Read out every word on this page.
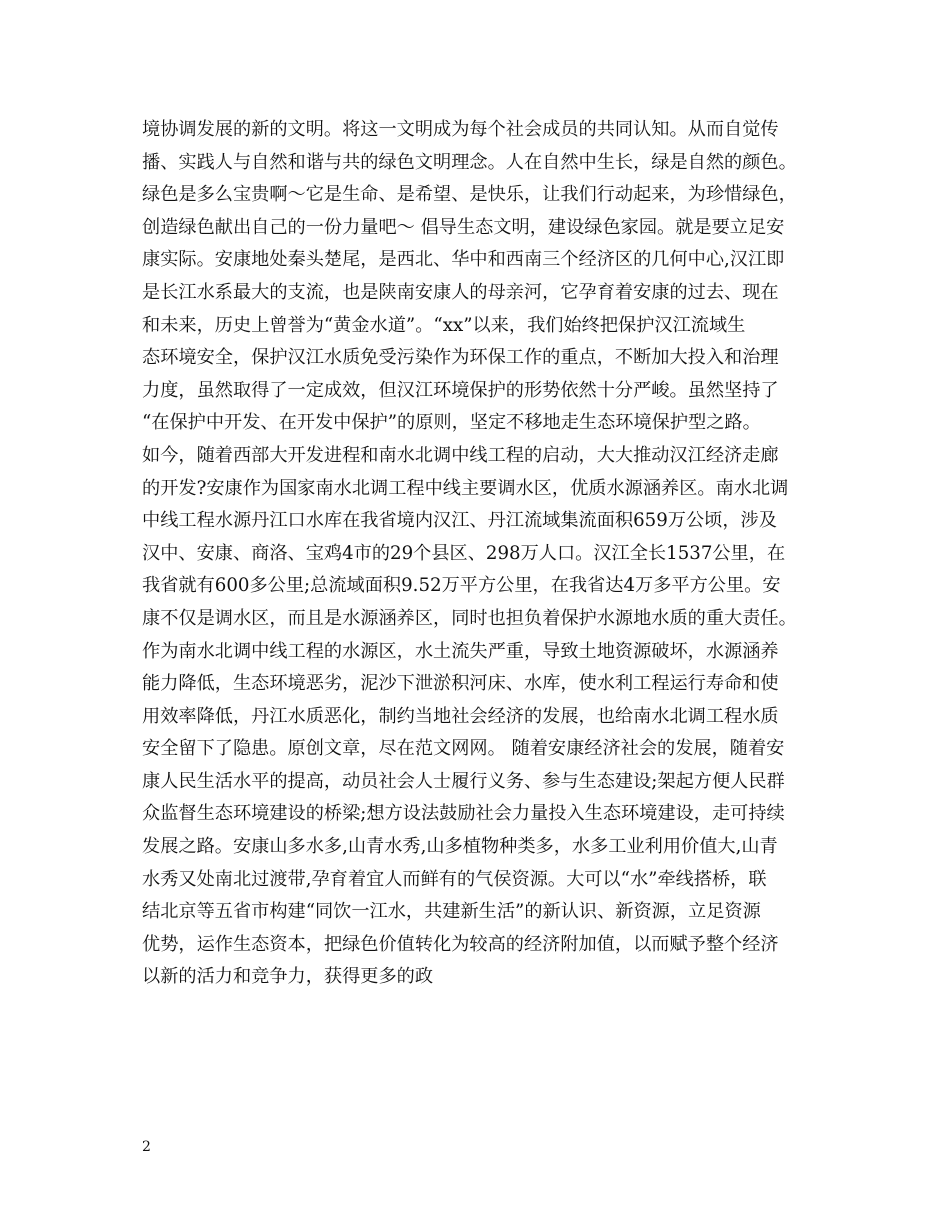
境协调发展的新的文明。将这一文明成为每个社会成员的共同认知。从而自觉传
播、实践人与自然和谐与共的绿色文明理念。人在自然中生长，绿是自然的颜色。
绿色是多么宝贵啊～它是生命、是希望、是快乐，让我们行动起来，为珍惜绿色，
创造绿色献出自己的一份力量吧～ 倡导生态文明，建设绿色家园。就是要立足安
康实际。安康地处秦头楚尾，是西北、华中和西南三个经济区的几何中心,汉江即
是长江水系最大的支流，也是陕南安康人的母亲河，它孕育着安康的过去、现在
和未来，历史上曾誉为“黄金水道”。“xx”以来，我们始终把保护汉江流域生
态环境安全，保护汉江水质免受污染作为环保工作的重点，不断加大投入和治理
力度，虽然取得了一定成效，但汉江环境保护的形势依然十分严峻。虽然坚持了
“在保护中开发、在开发中保护”的原则，坚定不移地走生态环境保护型之路。
如今，随着西部大开发进程和南水北调中线工程的启动，大大推动汉江经济走廊
的开发?安康作为国家南水北调工程中线主要调水区，优质水源涵养区。南水北调
中线工程水源丹江口水库在我省境内汉江、丹江流域集流面积659万公顷，涉及
汉中、安康、商洛、宝鸡4市的29个县区、298万人口。汉江全长1537公里，在
我省就有600多公里;总流域面积9.52万平方公里，在我省达4万多平方公里。安
康不仅是调水区，而且是水源涵养区，同时也担负着保护水源地水质的重大责任。
作为南水北调中线工程的水源区，水土流失严重，导致土地资源破坏，水源涵养
能力降低，生态环境恶劣，泥沙下泄淤积河床、水库，使水利工程运行寿命和使
用效率降低，丹江水质恶化，制约当地社会经济的发展，也给南水北调工程水质
安全留下了隐患。原创文章，尽在范文网网。 随着安康经济社会的发展，随着安
康人民生活水平的提高，动员社会人士履行义务、参与生态建设;架起方便人民群
众监督生态环境建设的桥梁;想方设法鼓励社会力量投入生态环境建设，走可持续
发展之路。安康山多水多,山青水秀,山多植物种类多，水多工业利用价值大,山青
水秀又处南北过渡带,孕育着宜人而鲜有的气侯资源。大可以“水”牵线搭桥，联
结北京等五省市构建“同饮一江水，共建新生活”的新认识、新资源，立足资源
优势，运作生态资本，把绿色价值转化为较高的经济附加值，以而赋予整个经济
以新的活力和竞争力，获得更多的政
2
